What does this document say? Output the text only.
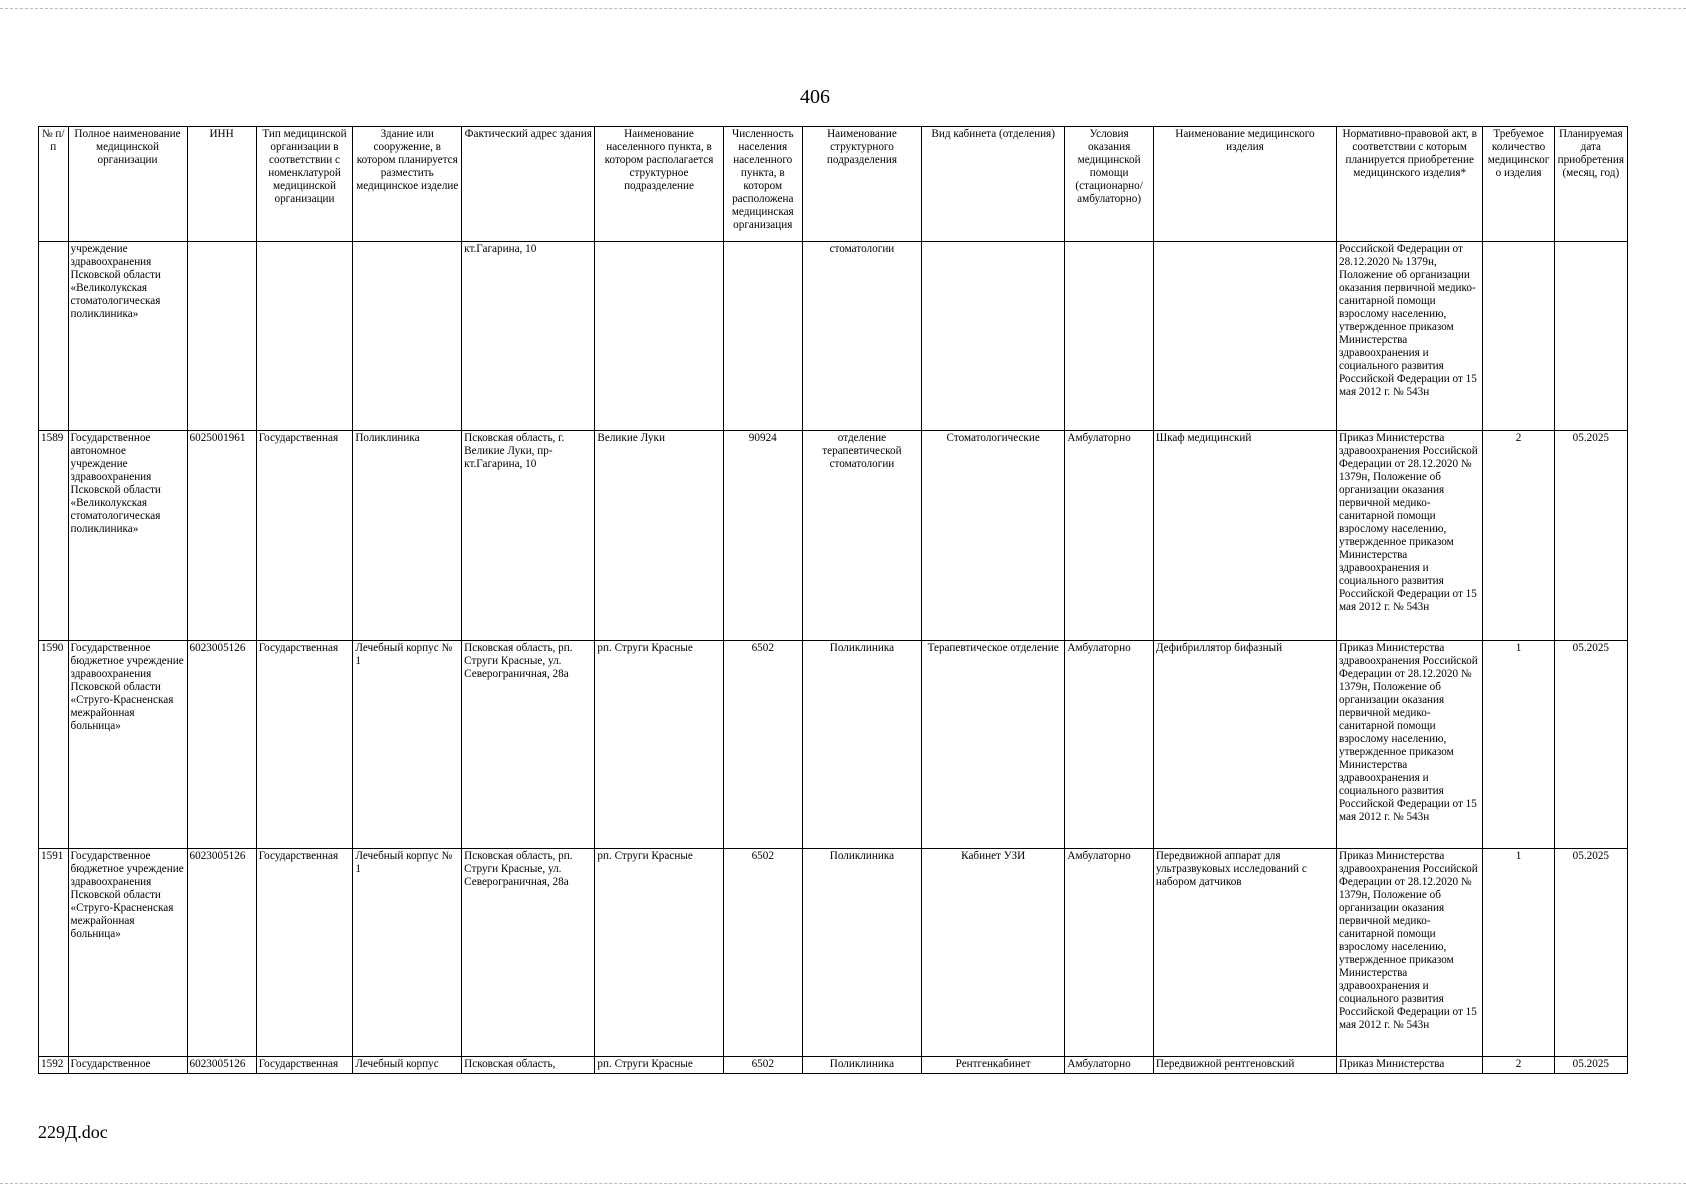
406
№ п/п	Полное наименование медицинской организации	ИНН	Тип медицинской организации в соответствии с номенклатурой медицинской организации	Здание или сооружение, в котором планируется разместить медицинское изделие	Фактический адрес здания	Наименование населенного пункта, в котором располагается структурное подразделение	Численность населения населенного пункта, в котором расположена медицинская организация	Наименование структурного подразделения	Вид кабинета (отделения)	Условия оказания медицинской помощи (стационарно/ амбулаторно)	Наименование медицинского изделия	Нормативно-правовой акт, в соответствии с которым планируется приобретение медицинского изделия*	Требуемое количество медицинского изделия	Планируемая дата приобретения (месяц, год)
	учреждение здравоохранения Псковской области «Великолукская стоматологическая поликлиника»				кт.Гагарина, 10			стоматологии				Российской Федерации от 28.12.2020 № 1379н, Положение об организации оказания первичной медико-санитарной помощи взрослому населению, утвержденное приказом Министерства здравоохранения и социального развития Российской Федерации от 15 мая 2012 г. № 543н		
1589	Государственное автономное учреждение здравоохранения Псковской области «Великолукская стоматологическая поликлиника»	6025001961	Государственная	Поликлиника	Псковская область, г. Великие Луки, пр-кт.Гагарина, 10	Великие Луки	90924	отделение терапевтической стоматологии	Стоматологические	Амбулаторно	Шкаф медицинский	Приказ Министерства здравоохранения Российской Федерации от 28.12.2020 № 1379н, Положение об организации оказания первичной медико-санитарной помощи взрослому населению, утвержденное приказом Министерства здравоохранения и социального развития Российской Федерации от 15 мая 2012 г. № 543н	2	05.2025
1590	Государственное бюджетное учреждение здравоохранения Псковской области «Струго-Красненская межрайонная больница»	6023005126	Государственная	Лечебный корпус № 1	Псковская область, рп. Струги Красные, ул. Северограничная, 28а	рп. Струги Красные	6502	Поликлиника	Терапевтическое отделение	Амбулаторно	Дефибриллятор бифазный	Приказ Министерства здравоохранения Российской Федерации от 28.12.2020 № 1379н, Положение об организации оказания первичной медико-санитарной помощи взрослому населению, утвержденное приказом Министерства здравоохранения и социального развития Российской Федерации от 15 мая 2012 г. № 543н	1	05.2025
1591	Государственное бюджетное учреждение здравоохранения Псковской области «Струго-Красненская межрайонная больница»	6023005126	Государственная	Лечебный корпус № 1	Псковская область, рп. Струги Красные, ул. Северограничная, 28а	рп. Струги Красные	6502	Поликлиника	Кабинет УЗИ	Амбулаторно	Передвижной аппарат для ультразвуковых исследований с набором датчиков	Приказ Министерства здравоохранения Российской Федерации от 28.12.2020 № 1379н, Положение об организации оказания первичной медико-санитарной помощи взрослому населению, утвержденное приказом Министерства здравоохранения и социального развития Российской Федерации от 15 мая 2012 г. № 543н	1	05.2025
1592	Государственное	6023005126	Государственная	Лечебный корпус	Псковская область,	рп. Струги Красные	6502	Поликлиника	Рентгенкабинет	Амбулаторно	Передвижной рентгеновский	Приказ Министерства	2	05.2025
229Д.doc
